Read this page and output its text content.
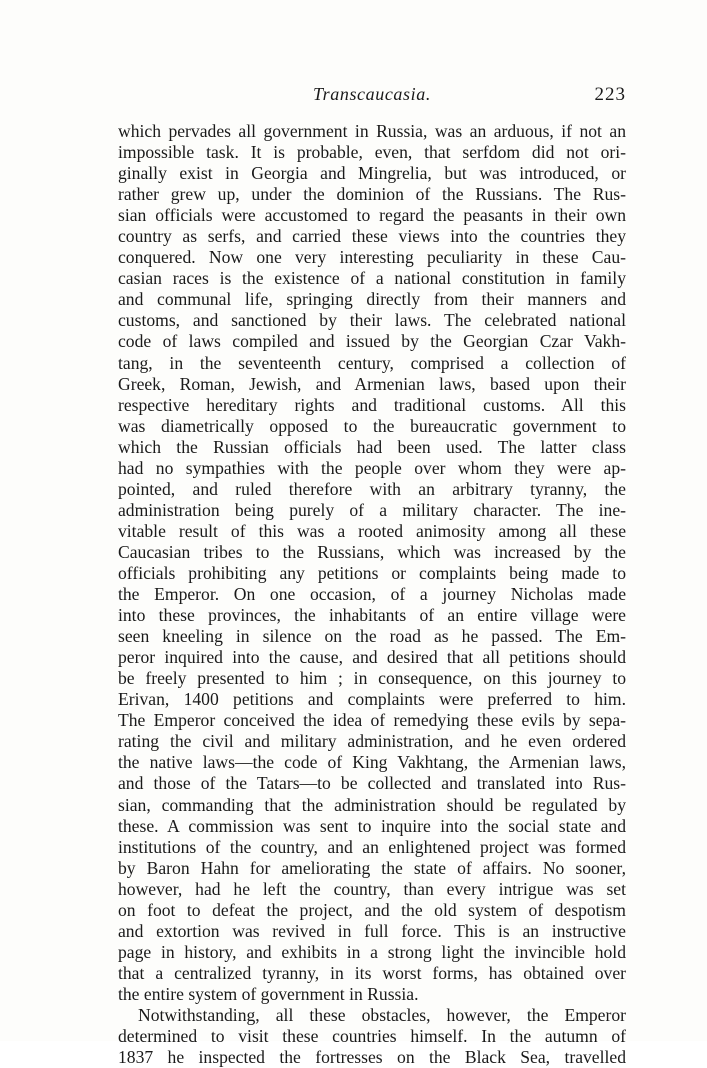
Transcaucasia.	223
which pervades all government in Russia, was an arduous, if not an
impossible task. It is probable, even, that serfdom did not ori-
ginally exist in Georgia and Mingrelia, but was introduced, or
rather grew up, under the dominion of the Russians. The Rus-
sian officials were accustomed to regard the peasants in their own
country as serfs, and carried these views into the countries they
conquered. Now one very interesting peculiarity in these Cau-
casian races is the existence of a national constitution in family
and communal life, springing directly from their manners and
customs, and sanctioned by their laws. The celebrated national
code of laws compiled and issued by the Georgian Czar Vakh-
tang, in the seventeenth century, comprised a collection of
Greek, Roman, Jewish, and Armenian laws, based upon their
respective hereditary rights and traditional customs. All this
was diametrically opposed to the bureaucratic government to
which the Russian officials had been used. The latter class
had no sympathies with the people over whom they were ap-
pointed, and ruled therefore with an arbitrary tyranny, the
administration being purely of a military character. The ine-
vitable result of this was a rooted animosity among all these
Caucasian tribes to the Russians, which was increased by the
officials prohibiting any petitions or complaints being made to
the Emperor. On one occasion, of a journey Nicholas made
into these provinces, the inhabitants of an entire village were
seen kneeling in silence on the road as he passed. The Em-
peror inquired into the cause, and desired that all petitions should
be freely presented to him ; in consequence, on this journey to
Erivan, 1400 petitions and complaints were preferred to him.
The Emperor conceived the idea of remedying these evils by sepa-
rating the civil and military administration, and he even ordered
the native laws—the code of King Vakhtang, the Armenian laws,
and those of the Tatars—to be collected and translated into Rus-
sian, commanding that the administration should be regulated by
these. A commission was sent to inquire into the social state and
institutions of the country, and an enlightened project was formed
by Baron Hahn for ameliorating the state of affairs. No sooner,
however, had he left the country, than every intrigue was set
on foot to defeat the project, and the old system of despotism
and extortion was revived in full force. This is an instructive
page in history, and exhibits in a strong light the invincible hold
that a centralized tyranny, in its worst forms, has obtained over
the entire system of government in Russia.
Notwithstanding, all these obstacles, however, the Emperor
determined to visit these countries himself. In the autumn of
1837 he inspected the fortresses on the Black Sea, travelled
